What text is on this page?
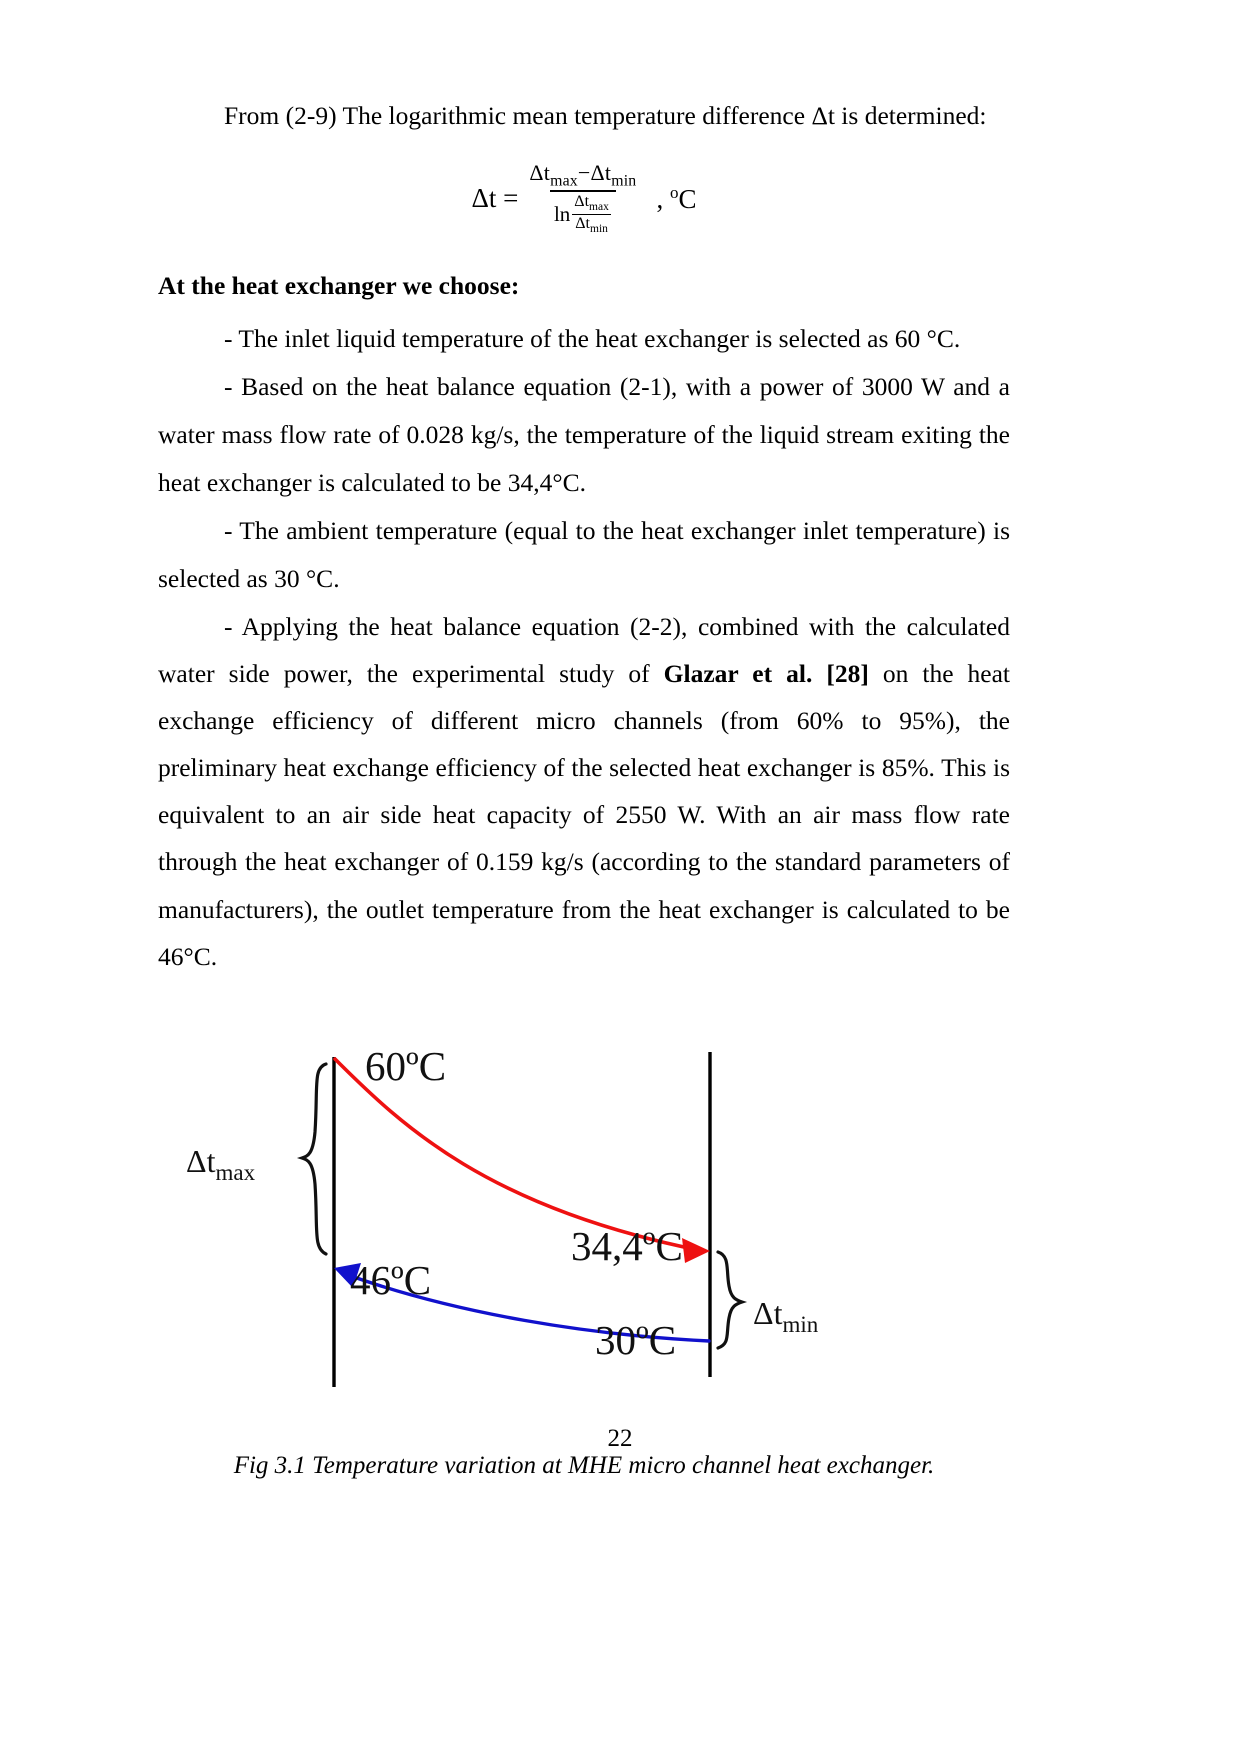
From (2-9) The logarithmic mean temperature difference Δt is determined:

$\Delta t = \Delta t_{max}-\Delta t_{min}$
ln
$\Delta t_{max}$
$\Delta t_{min}$ , $^o$C

At the heat exchanger we choose:

- The inlet liquid temperature of the heat exchanger is selected as 60 °C.

- Based on the heat balance equation (2-1), with a power of 3000 W and a water mass flow rate of 0.028 kg/s, the temperature of the liquid stream exiting the heat exchanger is calculated to be 34,4°C.

- The ambient temperature (equal to the heat exchanger inlet temperature) is selected as 30 °C.

- Applying the heat balance equation (2-2), combined with the calculated water side power, the experimental study of Glazar et al. [28] on the heat exchange efficiency of different micro channels (from 60% to 95%), the preliminary heat exchange efficiency of the selected heat exchanger is 85%. This is equivalent to an air side heat capacity of 2550 W. With an air mass flow rate through the heat exchanger of 0.159 kg/s (according to the standard parameters of manufacturers), the outlet temperature from the heat exchanger is calculated to be 46°C.

60ºC
34,4ºC
46ºC
30ºC
$\Delta t_{max}$
$\Delta t_{min}$

Fig 3.1 Temperature variation at MHE micro channel heat exchanger.

22
